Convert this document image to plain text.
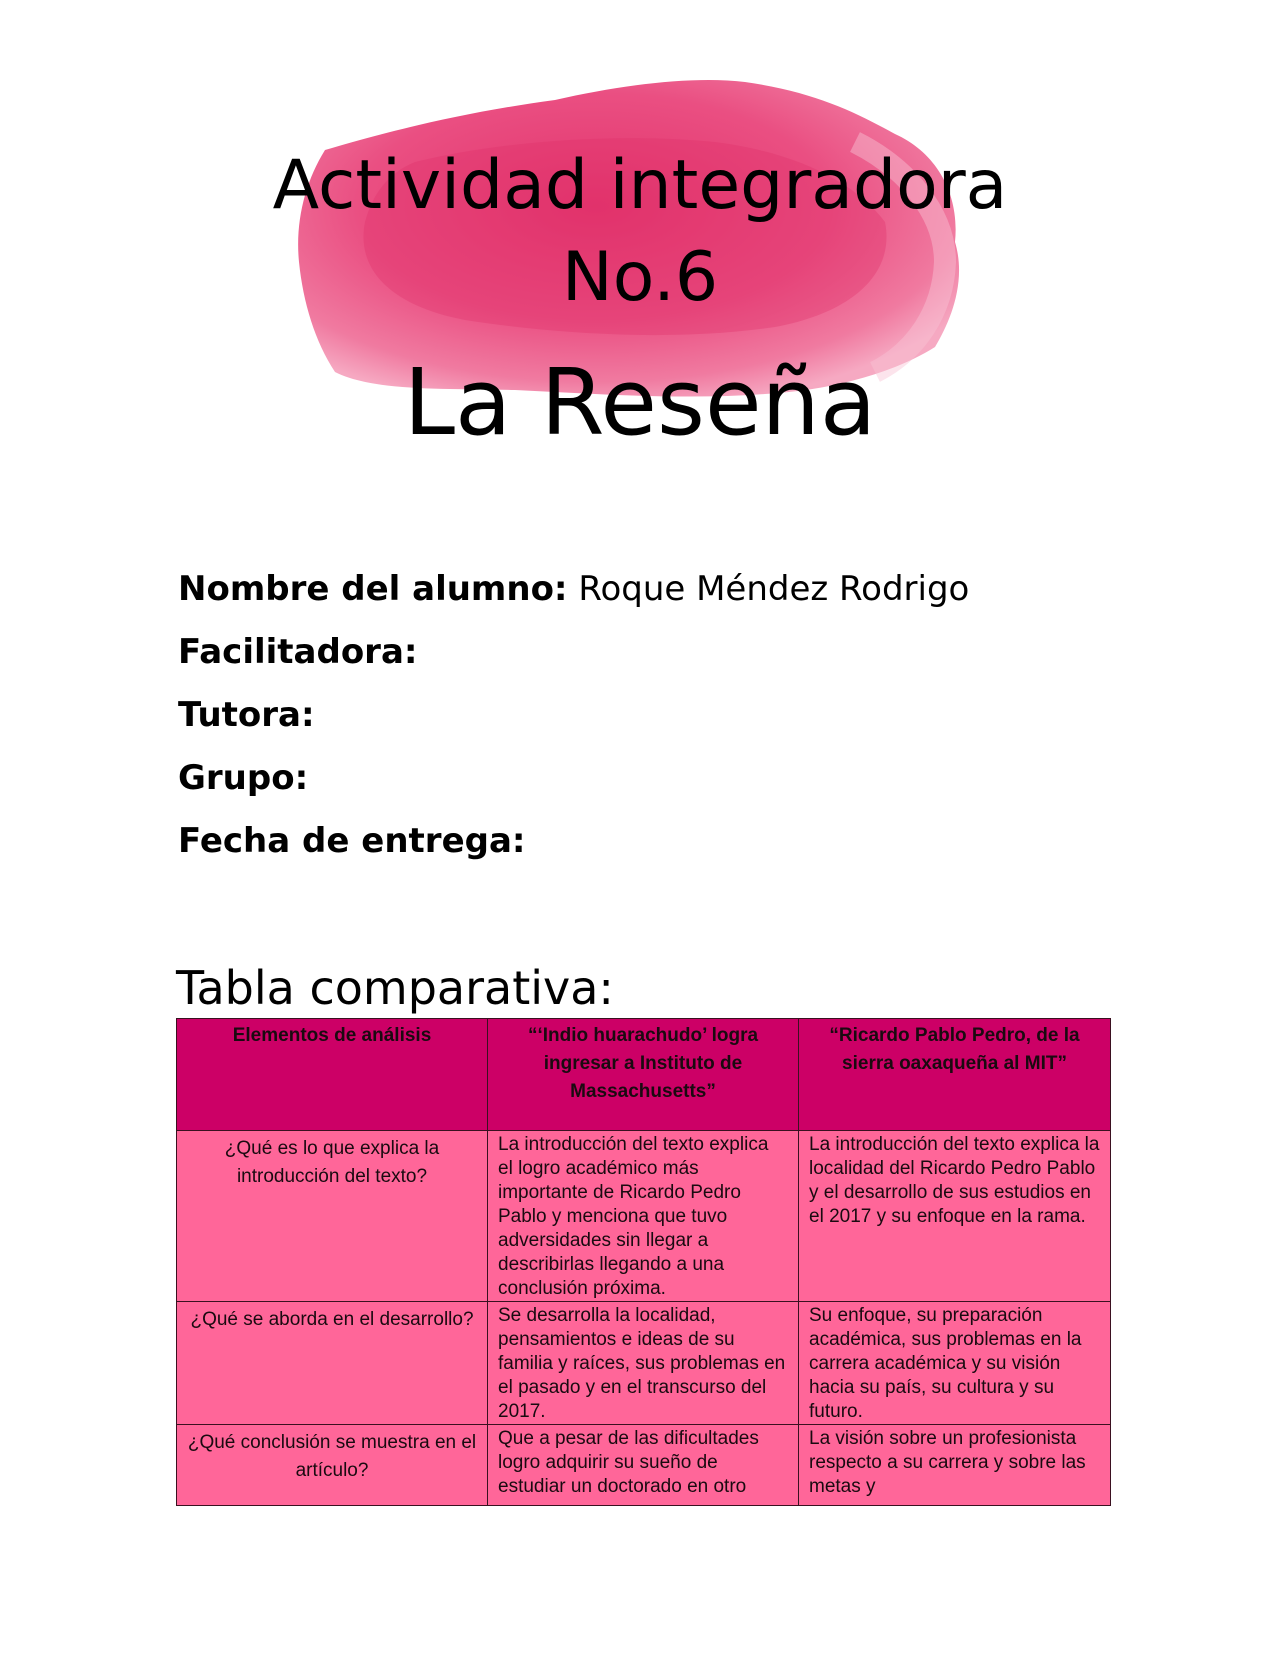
Actividad integradora
No.6
La Reseña
Nombre del alumno: Roque Méndez Rodrigo
Facilitadora:
Tutora:
Grupo:
Fecha de entrega:
Tabla comparativa:
Elementos de análisis	“‘Indio huarachudo’ logra ingresar a Instituto de Massachusetts”	“Ricardo Pablo Pedro, de la sierra oaxaqueña al MIT”
¿Qué es lo que explica la introducción del texto?	La introducción del texto explica el logro académico más importante de Ricardo Pedro Pablo y menciona que tuvo adversidades sin llegar a describirlas llegando a una conclusión próxima.	La introducción del texto explica la localidad del Ricardo Pedro Pablo y el desarrollo de sus estudios en el 2017 y su enfoque en la rama.
¿Qué se aborda en el desarrollo?	Se desarrolla la localidad, pensamientos e ideas de su familia y raíces, sus problemas en el pasado y en el transcurso del 2017.	Su enfoque, su preparación académica, sus problemas en la carrera académica y su visión hacia su país, su cultura y su futuro.
¿Qué conclusión se muestra en el artículo?	Que a pesar de las dificultades logro adquirir su sueño de estudiar un doctorado en otro	La visión sobre un profesionista respecto a su carrera y sobre las metas y
